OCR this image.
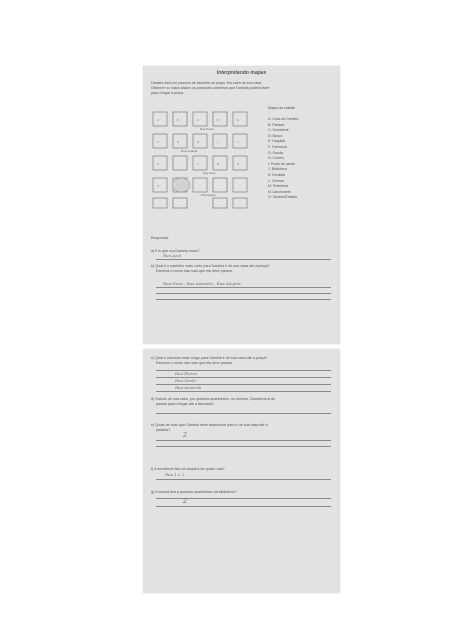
Interpretando mapas
Daniela dará um passeio de bicicleta na praça. Ela sairá de sua casa.
Observe no mapa abaixo os possíveis caminhos que Daniela poderá fazer
para chegar à praça.
A	B	C	D	E
F	G	H	I	J
K	L	M	N
O
Rua Flores
Rua Amarela
Rua Nova
Rua Alegria
Mapa da cidade
A: Casa de Daniela
B: Padaria
C: Sorveteria
D: Banco
E: Hospital
F: Farmácia
G: Escola
H: Correio
I: Posto de saúde
J: Biblioteca
K: Dentista
L: Cinema
M: Prefeitura
N: Lanchonete
O: Ginásio/Estádio
Responda:
a) Em que rua Daniela mora?
Rua Azul
b) Qual é o caminho mais curto para Daniela ir de sua casa até a praça?
Escreva o nome das ruas que ela deve passar.
Rua Nova , Rua Amarela , Rua Alegria
c) Qual o caminho mais longo para Daniela ir de sua casa até a praça?
Escreva o nome das ruas que ela deve passar.
Rua Flores
Rua Verde
Rua Amarela
d) Saindo de sua casa, por quantos quarteirões, no mínimo, Daniela terá de
passar para chegar até a farmácia?
e) Quais as ruas que Daniela deve atravessar para ir de sua casa até a
padaria?
2
f) A sorveteria fica na esquina de quais ruas?
Rua 1 e 2
g) A escola fica a quantos quarteirões da biblioteca?
2
